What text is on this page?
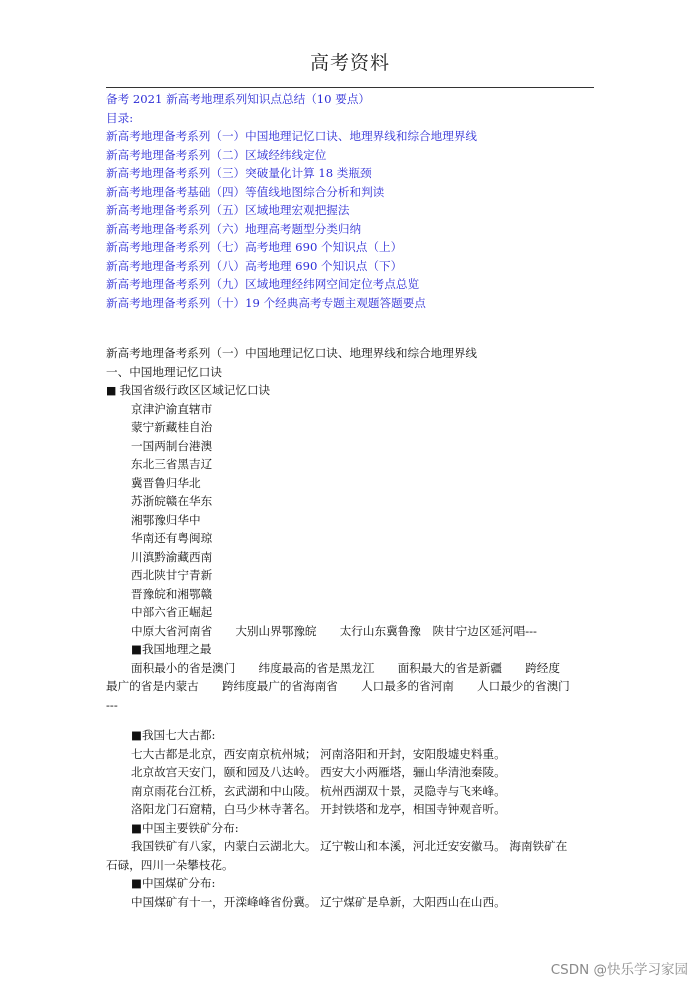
高考资料
备考 2021 新高考地理系列知识点总结（10 要点）
目录:
新高考地理备考系列（一）中国地理记忆口诀、地理界线和综合地理界线
新高考地理备考系列（二）区域经纬线定位
新高考地理备考系列（三）突破量化计算 18 类瓶颈
新高考地理备考基础（四）等值线地图综合分析和判读
新高考地理备考系列（五）区域地理宏观把握法
新高考地理备考系列（六）地理高考题型分类归纳
新高考地理备考系列（七）高考地理 690 个知识点（上）
新高考地理备考系列（八）高考地理 690 个知识点（下）
新高考地理备考系列（九）区域地理经纬网空间定位考点总览
新高考地理备考系列（十）19 个经典高考专题主观题答题要点
新高考地理备考系列（一）中国地理记忆口诀、地理界线和综合地理界线
一、中国地理记忆口诀
■ 我国省级行政区区域记忆口诀
京津沪渝直辖市
蒙宁新藏桂自治
一国两制台港澳
东北三省黑吉辽
冀晋鲁归华北
苏浙皖赣在华东
湘鄂豫归华中
华南还有粤闽琼
川滇黔渝藏西南
西北陕甘宁青新
晋豫皖和湘鄂赣
中部六省正崛起
中原大省河南省　　大别山界鄂豫皖　　太行山东冀鲁豫　陕甘宁边区延河唱---
■我国地理之最
面积最小的省是澳门　　纬度最高的省是黑龙江　　面积最大的省是新疆　　跨经度
最广的省是内蒙古　　跨纬度最广的省海南省　　人口最多的省河南　　人口最少的省澳门
---
■我国七大古都:
七大古都是北京，西安南京杭州城； 河南洛阳和开封，安阳殷墟史料重。
北京故宫天安门，颐和园及八达岭。 西安大小两雁塔，骊山华清池秦陵。
南京雨花台江桥，玄武湖和中山陵。 杭州西湖双十景，灵隐寺与飞来峰。
洛阳龙门石窟精，白马少林寺著名。 开封铁塔和龙亭，相国寺钟观音听。
■中国主要铁矿分布:
我国铁矿有八家，内蒙白云湖北大。 辽宁鞍山和本溪，河北迁安安徽马。 海南铁矿在
石碌，四川一朵攀枝花。
■中国煤矿分布:
中国煤矿有十一，开滦峰峰省份冀。 辽宁煤矿是阜新，大阳西山在山西。
CSDN @快乐学习家园
